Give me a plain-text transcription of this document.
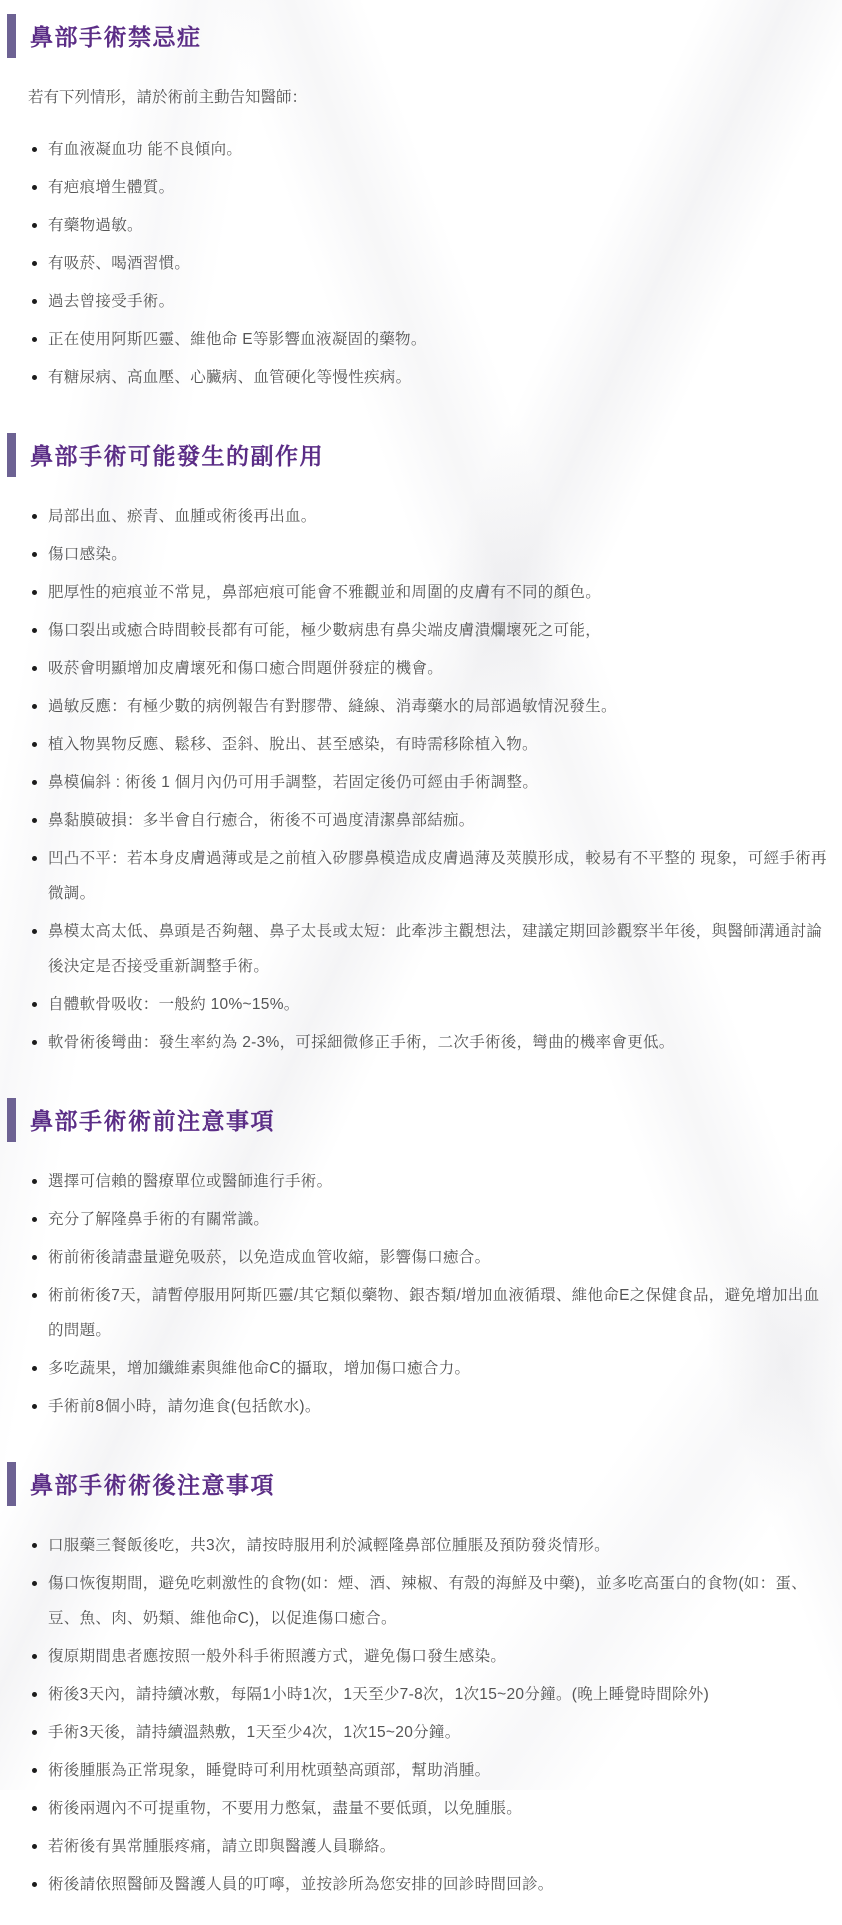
鼻部手術禁忌症

若有下列情形，請於術前主動告知醫師：

有血液凝血功 能不良傾向。
有疤痕增生體質。
有藥物過敏。
有吸菸、喝酒習慣。
過去曾接受手術。
正在使用阿斯匹靈、維他命 E等影響血液凝固的藥物。
有糖尿病、高血壓、心臟病、血管硬化等慢性疾病。
鼻部手術可能發生的副作用
局部出血、瘀青、血腫或術後再出血。
傷口感染。
肥厚性的疤痕並不常見，鼻部疤痕可能會不雅觀並和周圍的皮膚有不同的顏色。
傷口裂出或癒合時間較長都有可能，極少數病患有鼻尖端皮膚潰爛壞死之可能，
吸菸會明顯增加皮膚壞死和傷口癒合問題併發症的機會。
過敏反應：有極少數的病例報告有對膠帶、縫線、消毒藥水的局部過敏情況發生。
植入物異物反應、鬆移、歪斜、脫出、甚至感染，有時需移除植入物。
鼻模偏斜 : 術後 1 個月內仍可用手調整，若固定後仍可經由手術調整。
鼻黏膜破損：多半會自行癒合，術後不可過度清潔鼻部結痂。
凹凸不平：若本身皮膚過薄或是之前植入矽膠鼻模造成皮膚過薄及莢膜形成，較易有不平整的 現象，可經手術再微調。
鼻模太高太低、鼻頭是否夠翹、鼻子太長或太短：此牽涉主觀想法，建議定期回診觀察半年後，與醫師溝通討論後決定是否接受重新調整手術。
自體軟骨吸收：一般約 10%~15%。
軟骨術後彎曲：發生率約為 2-3%，可採細微修正手術，二次手術後，彎曲的機率會更低。
鼻部手術術前注意事項
選擇可信賴的醫療單位或醫師進行手術。
充分了解隆鼻手術的有關常識。
術前術後請盡量避免吸菸，以免造成血管收縮，影響傷口癒合。
術前術後7天，請暫停服用阿斯匹靈/其它類似藥物、銀杏類/增加血液循環、維他命E之保健食品，避免增加出血的問題。
多吃蔬果，增加纖維素與維他命C的攝取，增加傷口癒合力。
手術前8個小時，請勿進食(包括飲水)。
鼻部手術術後注意事項
口服藥三餐飯後吃，共3次，請按時服用利於減輕隆鼻部位腫脹及預防發炎情形。
傷口恢復期間，避免吃刺激性的食物(如：煙、酒、辣椒、有殼的海鮮及中藥)，並多吃高蛋白的食物(如：蛋、豆、魚、肉、奶類、維他命C)，以促進傷口癒合。
復原期間患者應按照一般外科手術照護方式，避免傷口發生感染。
術後3天內，請持續冰敷，每隔1小時1次，1天至少7-8次，1次15~20分鐘。(晚上睡覺時間除外)
手術3天後，請持續溫熱敷，1天至少4次，1次15~20分鐘。
術後腫脹為正常現象，睡覺時可利用枕頭墊高頭部，幫助消腫。
術後兩週內不可提重物，不要用力憋氣，盡量不要低頭，以免腫脹。
若術後有異常腫脹疼痛，請立即與醫護人員聯絡。
術後請依照醫師及醫護人員的叮嚀，並按診所為您安排的回診時間回診。
